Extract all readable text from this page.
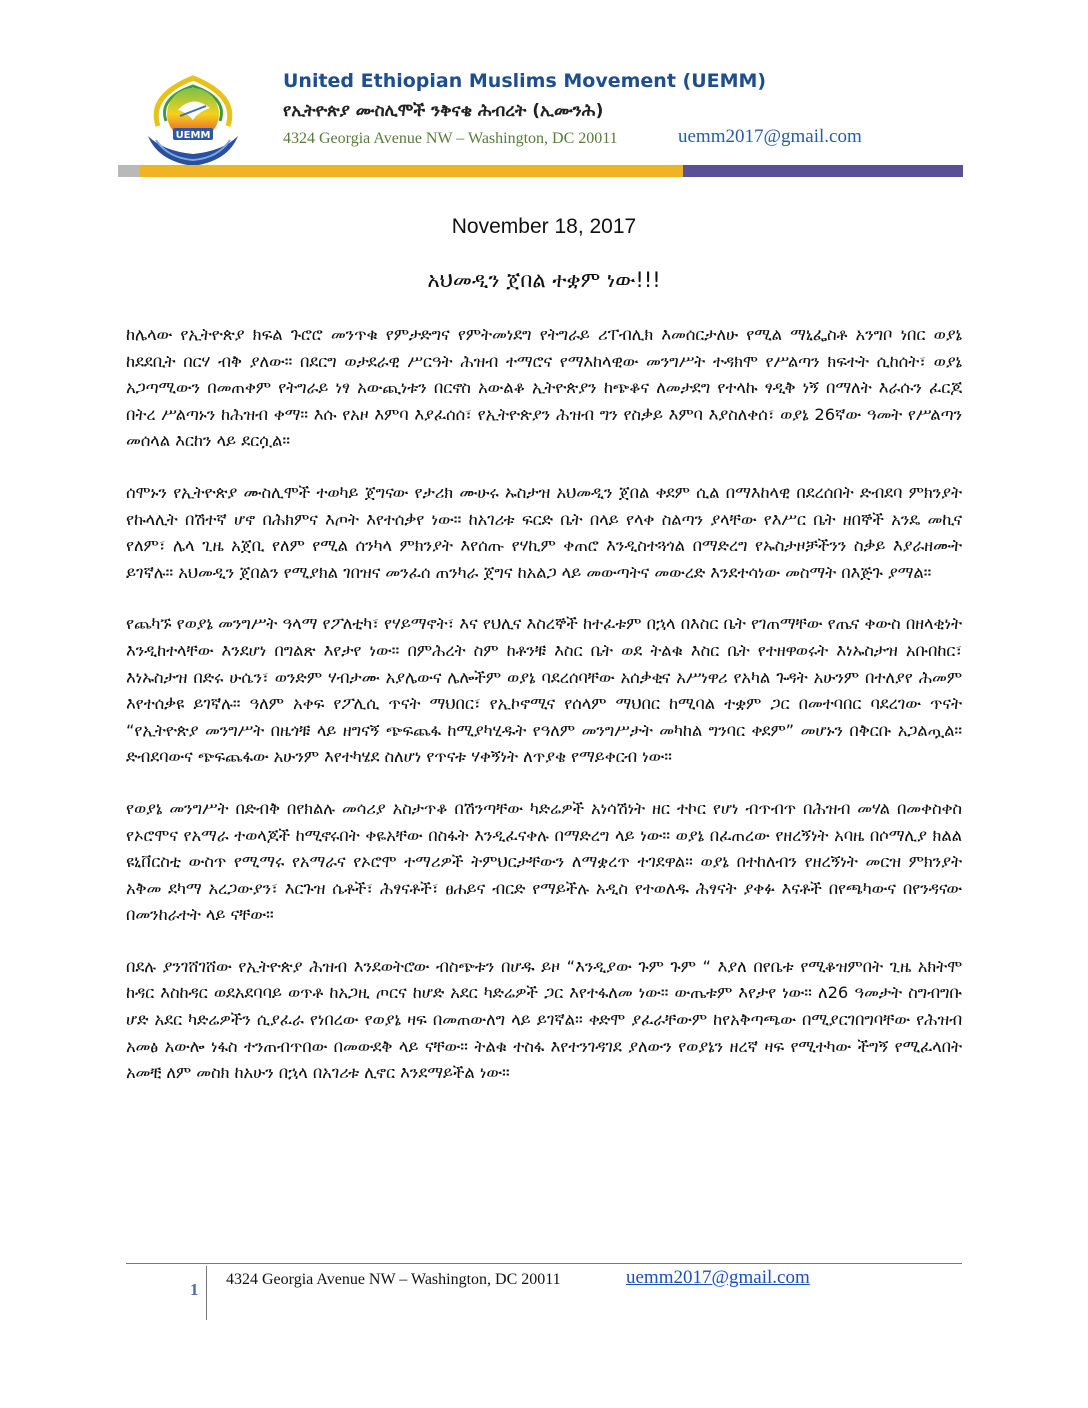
UEMM
United Ethiopian Muslims Movement (UEMM)
የኢትዮጵያ ሙስሊሞች ንቅናቄ ሕብረት (ኢሙንሕ)
4324 Georgia Avenue NW – Washington, DC 20011	uemm2017@gmail.com
November 18, 2017
አህመዲን ጀበል ተቋም ነው!!!

ከሌላው የኢትዮጵያ ክፍል ጉሮሮ መንጥቁ የምታድግና የምትመነደግ የትግራይ ሪፐብሊክ እመሰርታለሁ የሚል ማኒፌስቶ አንግቦ ነበር ወያኔ ከደደቢት በርሃ ብቅ ያለው። በደርግ ወታደራዊ ሥርዓት ሕዝብ ተማሮና የማእከላዊው መንግሥት ተዳክሞ የሥልጣን ክፍተት ሲከሰት፣ ወያኔ አጋጣሚውን በመጠቀም የትግራይ ነፃ አውጪነቱን በርኖስ አውልቆ ኢትዮጵያን ከጭቆና ለመታደግ የተላኩ ፃዲቅ ነኝ በማለት እራሱን ፈርጆ በትረ ሥልጣኑን ከሕዝብ ቀማ። እሱ የአዞ እምባ እያፈሰሰ፣ የኢትዮጵያን ሕዝብ ግን የስቃይ እምባ እያስለቀሰ፣ ወያኔ 26ኛው ዓመት የሥልጣን መሰላል እርከን ላይ ደርሷል።

ሰሞኑን የኢትዮጵያ ሙስሊሞች ተወካይ ጀግናው የታሪክ ሙሁሩ ኡስታዝ አህመዲን ጀበል ቀደም ሲል በማእከላዊ በደረሰበት ድብደባ ምክንያት የኩላሊት በሽተኛ ሆኖ በሕክምና እጦት እየተሰቃየ ነው። ከአገሪቱ ፍርድ ቤት በላይ የላቀ ስልጣን ያላቸው የእሥር ቤት ዘበኞች አንዴ መኪና የለም፣ ሌላ ጊዜ አጀቢ የለም የሚል ሰንካላ ምክንያት እየሰጡ የሃኪም ቀጠሮ እንዲስተጓጎል በማድረግ የኡስታዞቻችንን ስቃይ እያራዘሙት ይገኛሉ። አህመዲን ጀበልን የሚያክል ገበዝና መንፈሰ ጠንካራ ጀግና ከአልጋ ላይ መውጣትና መውረድ እንደተሳነው መስማት በእጅጉ ያማል።

የጨካኙ የወያኔ መንግሥት ዓላማ የፖለቲካ፣ የሃይማኖት፣ እና የህሊና እስረኞች ከተፈቱም በኋላ በእስር ቤት የገጠማቸው የጤና ቀውስ በዘላቂነት እንዲከተላቸው እንደሆነ በግልጽ እየታየ ነው። በምሕረት ስም ከቶንቹ እስር ቤት ወደ ትልቁ እስር ቤት የተዘዋወሩት እነኡስታዝ አቡበከር፣ እነኡስታዝ በድሩ ሁሴን፣ ወንድም ሃብታሙ አያሌውና ሌሎችም ወያኔ ባደረሰባቸው አሰቃቂና አሥነዋሪ የአካል ጉዳት አሁንም በተለያየ ሕመም እየተሰቃዩ ይገኛሉ። ዓለም አቀፍ የፖሊሲ ጥናት ማህበር፣ የኢኮኖሚና የሰላም ማህበር ከሚባል ተቋም ጋር በመተባበር ባደረገው ጥናት “የኢትዮጵያ መንግሥት በዜጎቹ ላይ ዘግናኝ ጭፍጨፋ ከሚያካሂዱት የዓለም መንግሥታት መካከል ግንባር ቀደም” መሆኑን በቅርቡ አጋልጧል። ድብደባውና ጭፍጨፋው አሁንም እየተካሄደ ስለሆነ የጥናቱ ሃቀኝነት ለጥያቄ የማይቀርብ ነው።

የወያኔ መንግሥት በድብቅ በየክልሉ መሳሪያ አስታጥቆ በሽንጣቸው ካድሬዎች አነሳሽነት ዘር ተኮር የሆነ ብጥብጥ በሕዝብ መሃል በመቀስቀስ የኦሮሞና የአማራ ተወላጆች ከሚኖሩበት ቀዬአቸው በስፋት እንዲፈናቀሉ በማድረግ ላይ ነው። ወያኔ በፈጠረው የዘረኝነት አባዜ በሶማሊያ ክልል ዩኒቨርስቲ ውስጥ የሚማሩ የአማራና የኦሮሞ ተማሪዎች ትምህርታቸውን ለማቋረጥ ተገደዋል። ወያኔ በተከለብን የዘረኝነት መርዝ ምክንያት አቅመ ደካማ አረጋውያን፣ እርጉዝ ሴቶች፣ ሕፃናቶች፣ ፀሐይና ብርድ የማይችሉ አዲስ የተወለዱ ሕፃናት ያቀፉ እናቶች በየጫካውና በየንዳናው በመንከራተት ላይ ናቸው።

በደሉ ያንገሸገሸው የኢትዮጵያ ሕዝብ እንደወትሮው ብስጭቱን በሆዱ ይዞ “እንዲያው ጉም ጉም “ እያለ በየቤቱ የሚቆዝምበት ጊዜ አክትሞ ከዳር እስከዳር ወደአደባባይ ወጥቶ ከአጋዚ ጦርና ከሆድ አደር ካድሬዎች ጋር እየተፋለመ ነው። ውጤቱም እየታየ ነው። ለ26 ዓመታት ስግብግቡ ሆድ አደር ካድሬዎችን ሲያፈራ የነበረው የወያኔ ዛፍ በመጠውለግ ላይ ይገኛል። ቀድሞ ያፈራቸውም ከየአቅጣጫው በሚያርገበግባቸው የሕዝብ አመፅ አውሎ ነፋስ ተንጠብጥበው በመውደቅ ላይ ናቸው። ትልቁ ተስፋ እየተንገዳገደ ያለውን የወያኔን ዘረኛ ዛፍ የሚተካው ችግኝ የሚፈላበት አመቺ ለም መስክ ከአሁን በኋላ በአገሪቱ ሊኖር እንደማይችል ነው።

1
4324 Georgia Avenue NW – Washington, DC 20011	uemm2017@gmail.com
